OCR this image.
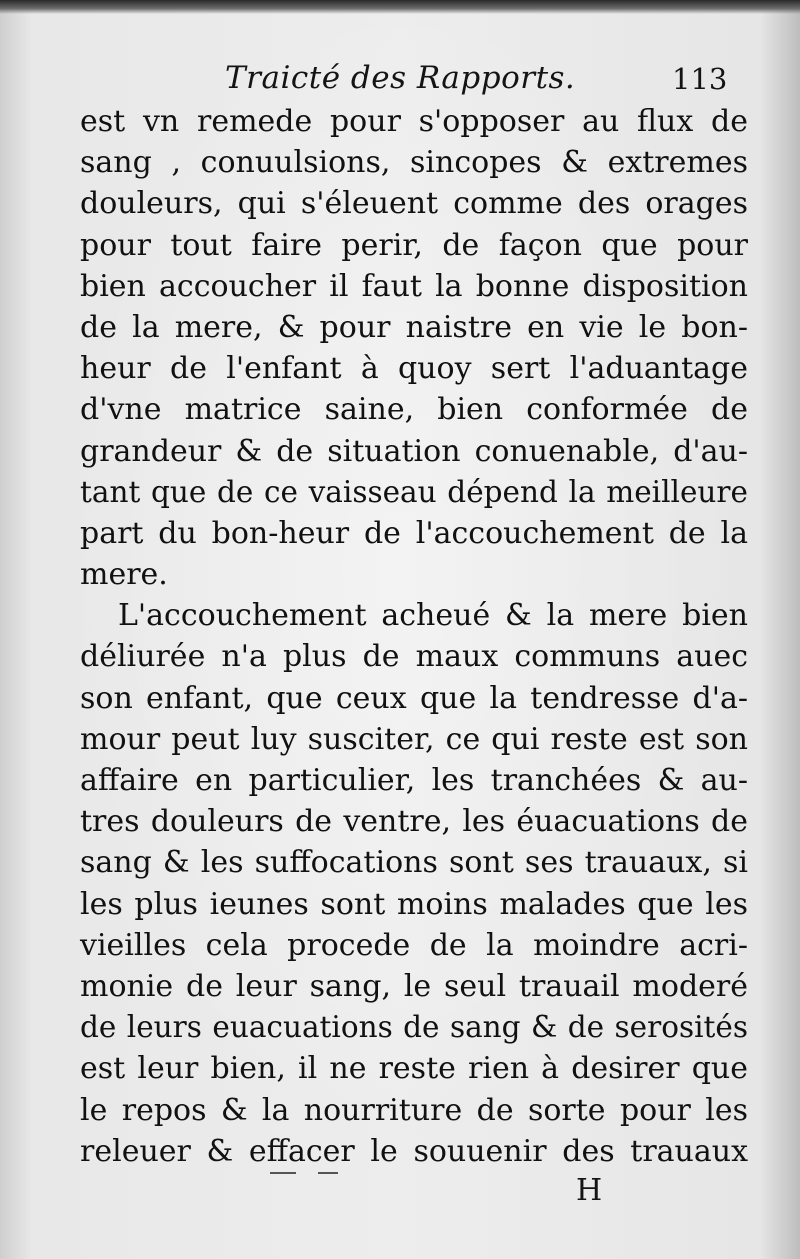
Traicté des Rapports.	113
est vn remede pour s'opposer au flux de
sang , conuulsions, sincopes & extremes
douleurs, qui s'éleuent comme des orages
pour tout faire perir, de façon que pour
bien accoucher il faut la bonne disposition
de la mere, & pour naistre en vie le bon-
heur de l'enfant à quoy sert l'aduantage
d'vne matrice saine, bien conformée de
grandeur & de situation conuenable, d'au-
tant que de ce vaisseau dépend la meilleure
part du bon-heur de l'accouchement de la
mere.
L'accouchement acheué & la mere bien
déliurée n'a plus de maux communs auec
son enfant, que ceux que la tendresse d'a-
mour peut luy susciter, ce qui reste est son
affaire en particulier, les tranchées & au-
tres douleurs de ventre, les éuacuations de
sang & les suffocations sont ses trauaux, si
les plus ieunes sont moins malades que les
vieilles cela procede de la moindre acri-
monie de leur sang, le seul trauail moderé
de leurs euacuations de sang & de serosités
est leur bien, il ne reste rien à desirer que
le repos & la nourriture de sorte pour les
releuer & effacer le souuenir des trauaux
H
